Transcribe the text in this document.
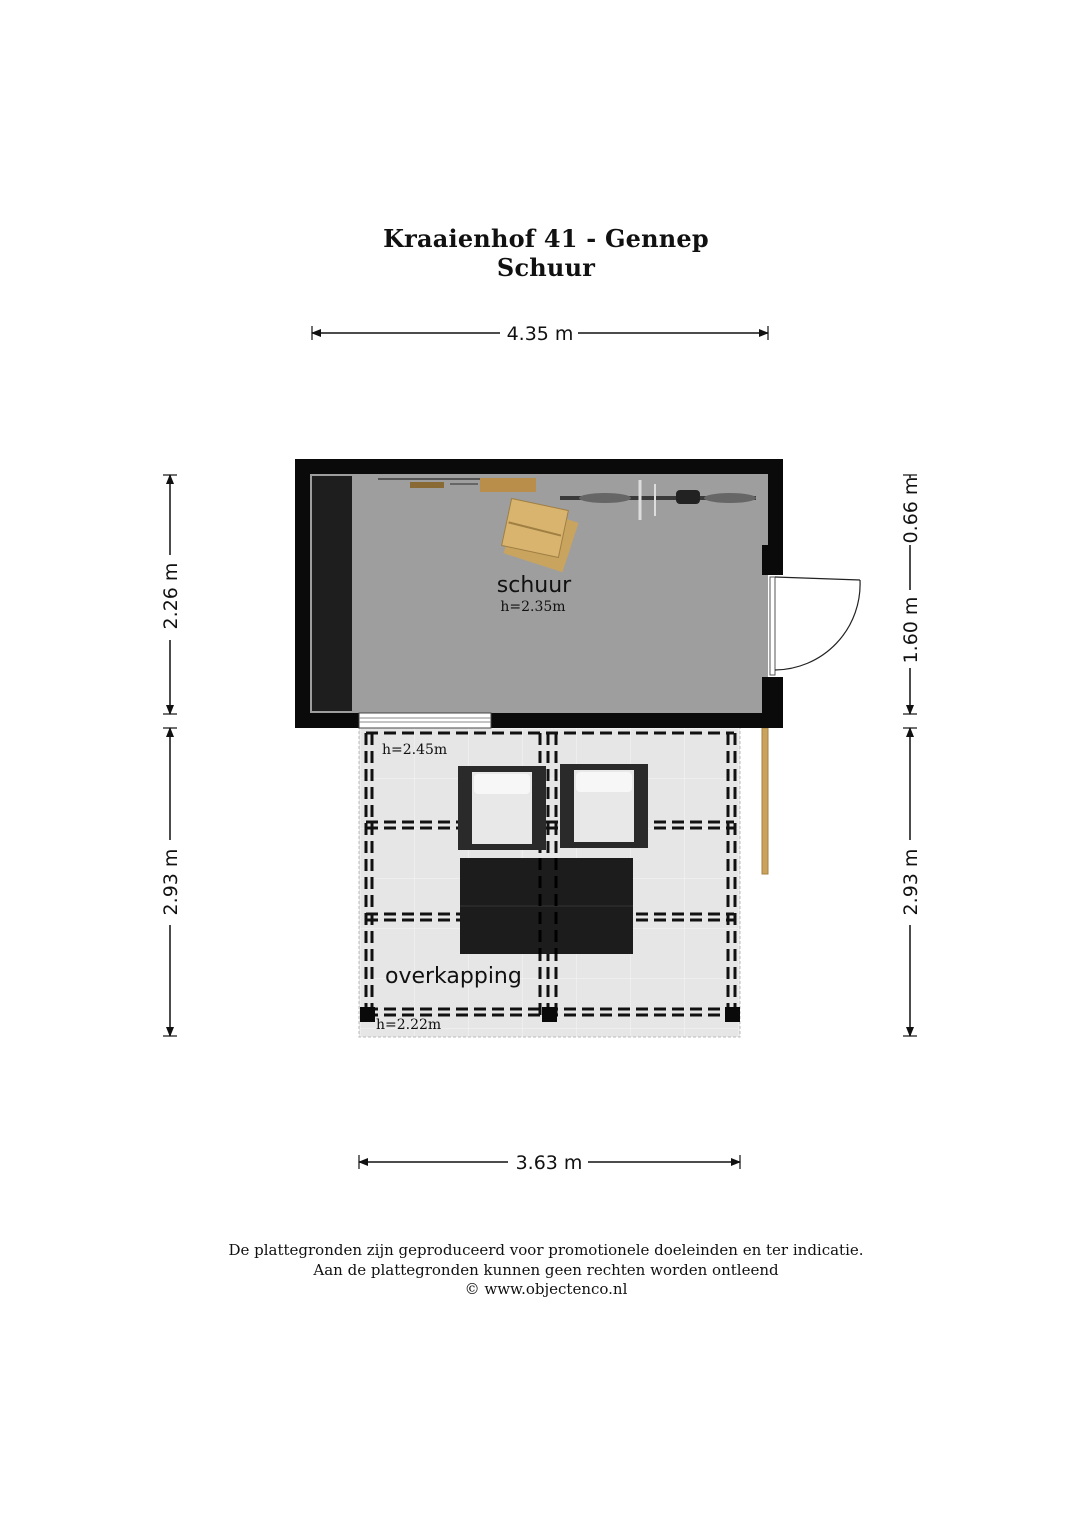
Kraaienhof 41 - Gennep
Schuur
4.35 m
3.63 m
2.26 m
2.93 m
0.66 m
1.60 m
2.93 m
overkapping
h=2.45m
h=2.22m
schuur
h=2.35m
De plattegronden zijn geproduceerd voor promotionele doeleinden en ter indicatie.
Aan de plattegronden kunnen geen rechten worden ontleend
© www.objectenco.nl
